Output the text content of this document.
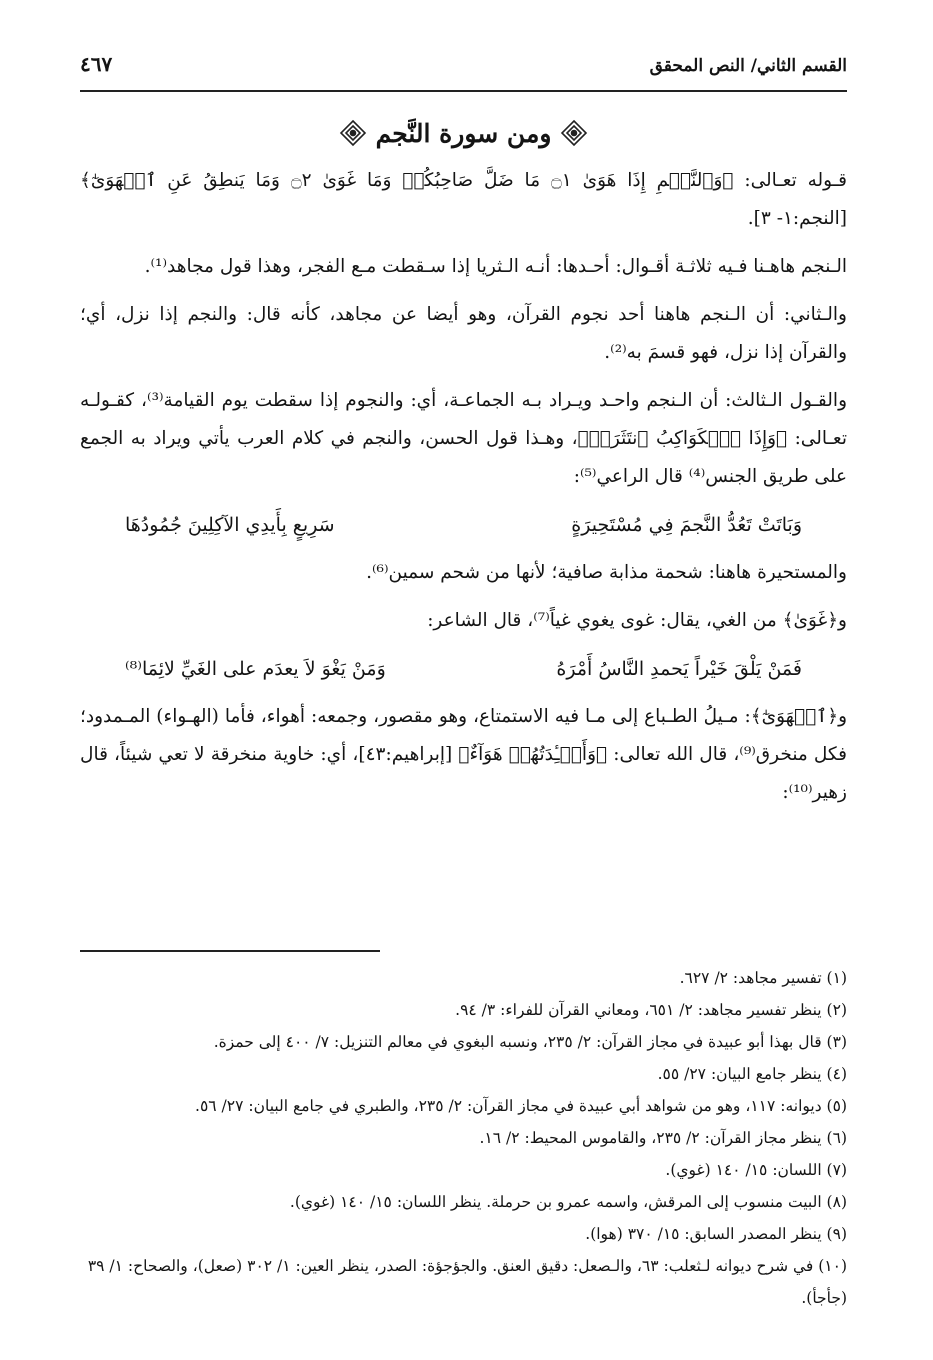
القسم الثاني/ النص المحقق
٤٦٧
ومن سورة النَّجم

قـوله تعـالى: ﴿وَٱلنَّجۡمِ إِذَا هَوَىٰ ۝١ مَا ضَلَّ صَاحِبُكُمۡ وَمَا غَوَىٰ ۝٢ وَمَا يَنطِقُ عَنِ ٱلۡهَوَىٰٓ﴾ [النجم:١- ٣].

الـنجم هاهـنا فـيه ثلاثـة أقـوال: أحـدها: أنـه الـثريا إذا سـقطت مـع الفجر، وهذا قول مجاهد⁽¹⁾.

والـثاني: أن الـنجم هاهنا أحد نجوم القرآن، وهو أيضا عن مجاهد، كأنه قال: والنجم إذا نزل، أي؛ والقرآن إذا نزل، فهو قسمَ به⁽²⁾.

والقـول الـثالث: أن الـنجم واحـد ويـراد بـه الجماعـة، أي: والنجوم إذا سقطت يوم القيامة⁽³⁾، كقـولـه تعـالى: ﴿وَإِذَا ٱلۡكَوَاكِبُ ٱنتَثَرَتۡ﴾، وهـذا قول الحسن، والنجم في كلام العرب يأتي ويراد به الجمع على طريق الجنس⁽⁴⁾ قال الراعي⁽⁵⁾:

وَبَاتَتْ تَعُدُّ النَّجمَ فِي مُسْتَحِيرَةٍ
سَرِيعٍ بِأَيدِي الآكِلِينَ جُمُودُهَا

والمستحيرة هاهنا: شحمة مذابة صافية؛ لأنها من شحم سمين⁽⁶⁾.

و﴿غَوَىٰ﴾ من الغي، يقال: غوى يغوي غياً⁽⁷⁾، قال الشاعر:

فَمَنْ يَلْقَ خَيْراً يَحمدِ النَّاسُ أَمْرَهُ
وَمَنْ يَغْوَ لاَ يعدَم على الغَيِّ لائِمَا⁽⁸⁾

و﴿ٱلۡهَوَىٰٓ﴾: مـيلُ الطـباع إلى مـا فيه الاستمتاع، وهو مقصور، وجمعه: أهواء، فأما (الهـواء) المـمدود؛ فكل منخرق⁽⁹⁾، قال الله تعالى: ﴿وَأَفۡـِٔدَتُهُمۡ هَوَآءٌ﴾ [إبراهيم:٤٣]، أي: خاوية منخرقة لا تعي شيئاً، قال زهير⁽¹⁰⁾:

(١) تفسير مجاهد: ٢/ ٦٢٧.

(٢) ينظر تفسير مجاهد: ٢/ ٦٥١، ومعاني القرآن للفراء: ٣/ ٩٤.

(٣) قال بهذا أبو عبيدة في مجاز القرآن: ٢/ ٢٣٥، ونسبه البغوي في معالم التنزيل: ٧/ ٤٠٠ إلى حمزة.

(٤) ينظر جامع البيان: ٢٧/ ٥٥.

(٥) ديوانه: ١١٧، وهو من شواهد أبي عبيدة في مجاز القرآن: ٢/ ٢٣٥، والطبري في جامع البيان: ٢٧/ ٥٦.

(٦) ينظر مجاز القرآن: ٢/ ٢٣٥، والقاموس المحيط: ٢/ ١٦.

(٧) اللسان: ١٥/ ١٤٠ (غوي).

(٨) البيت منسوب إلى المرقش، واسمه عمرو بن حرملة. ينظر اللسان: ١٥/ ١٤٠ (غوي).

(٩) ينظر المصدر السابق: ١٥/ ٣٧٠ (هوا).

(١٠) في شرح ديوانه لـثعلب: ٦٣، والـصعل: دقيق العنق. والجؤجؤة: الصدر، ينظر العين: ١/ ٣٠٢ (صعل)، والصحاح: ١/ ٣٩ (جأجأ).
